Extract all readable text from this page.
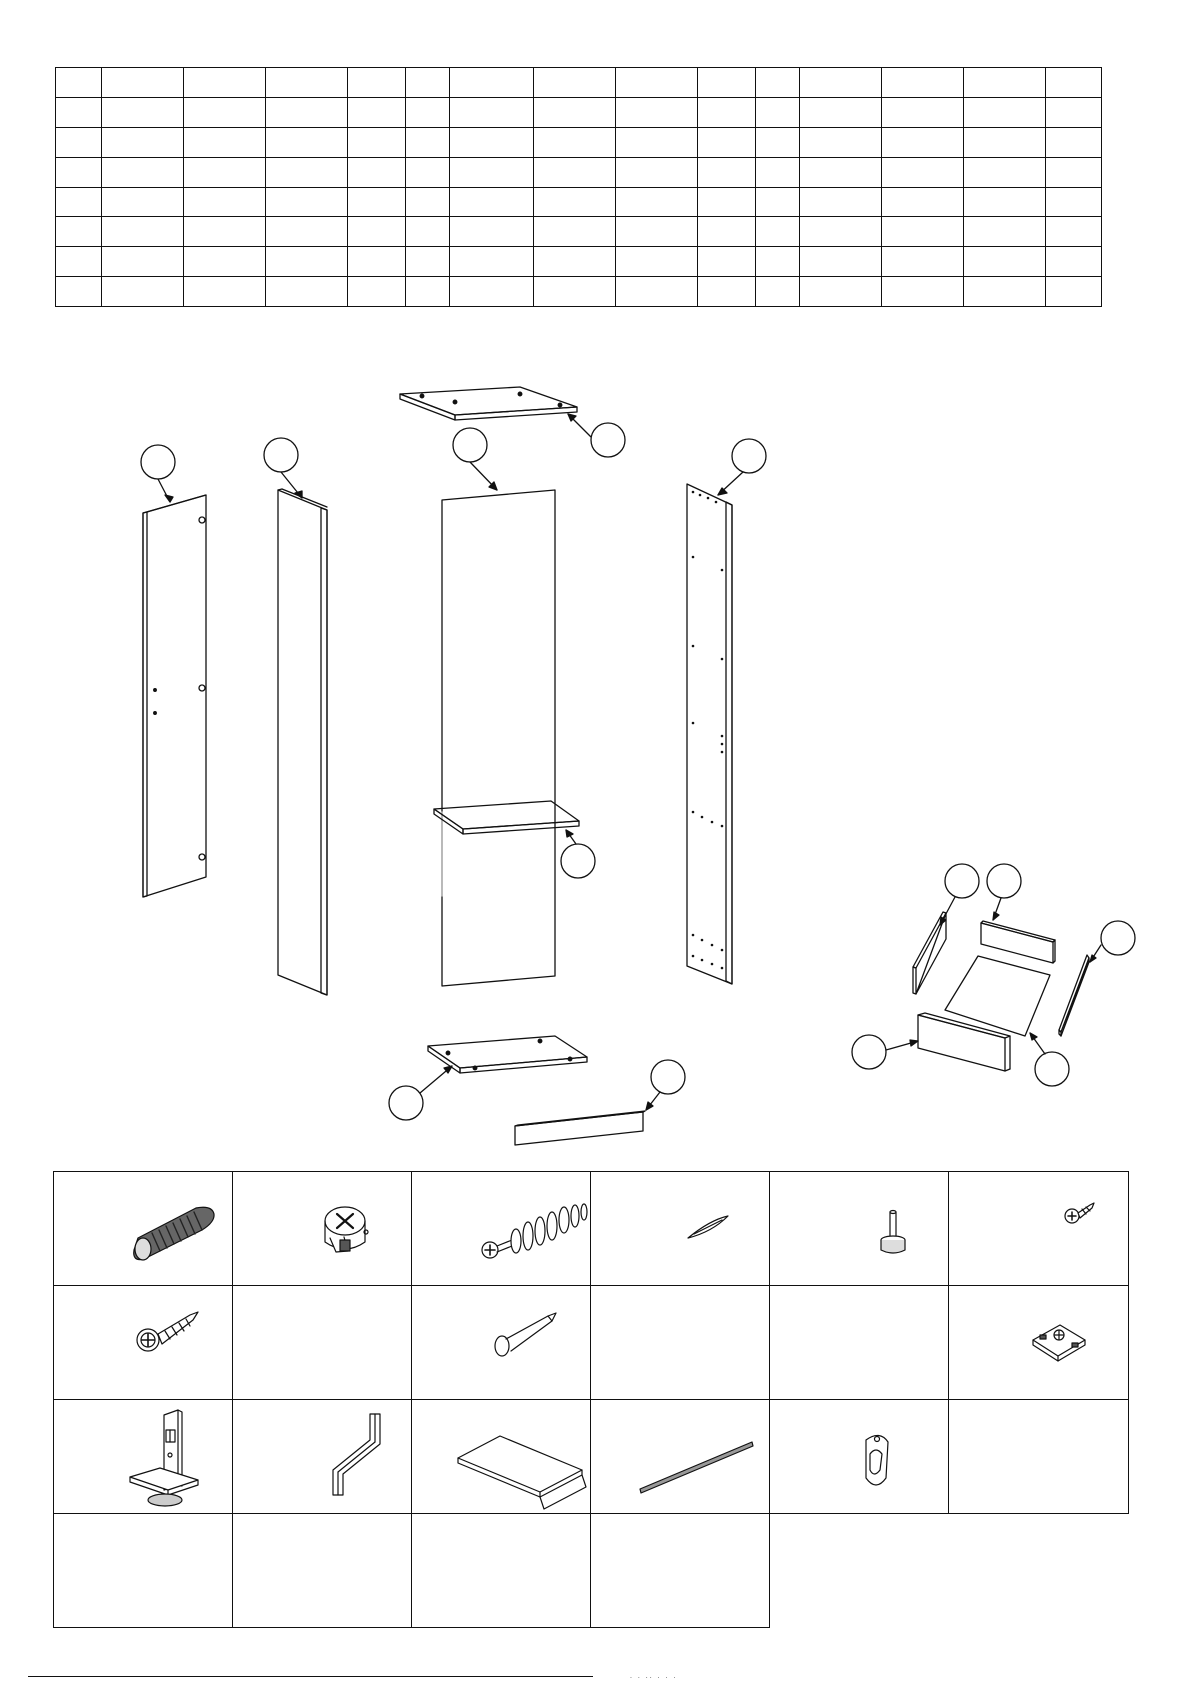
. . .. . . .
